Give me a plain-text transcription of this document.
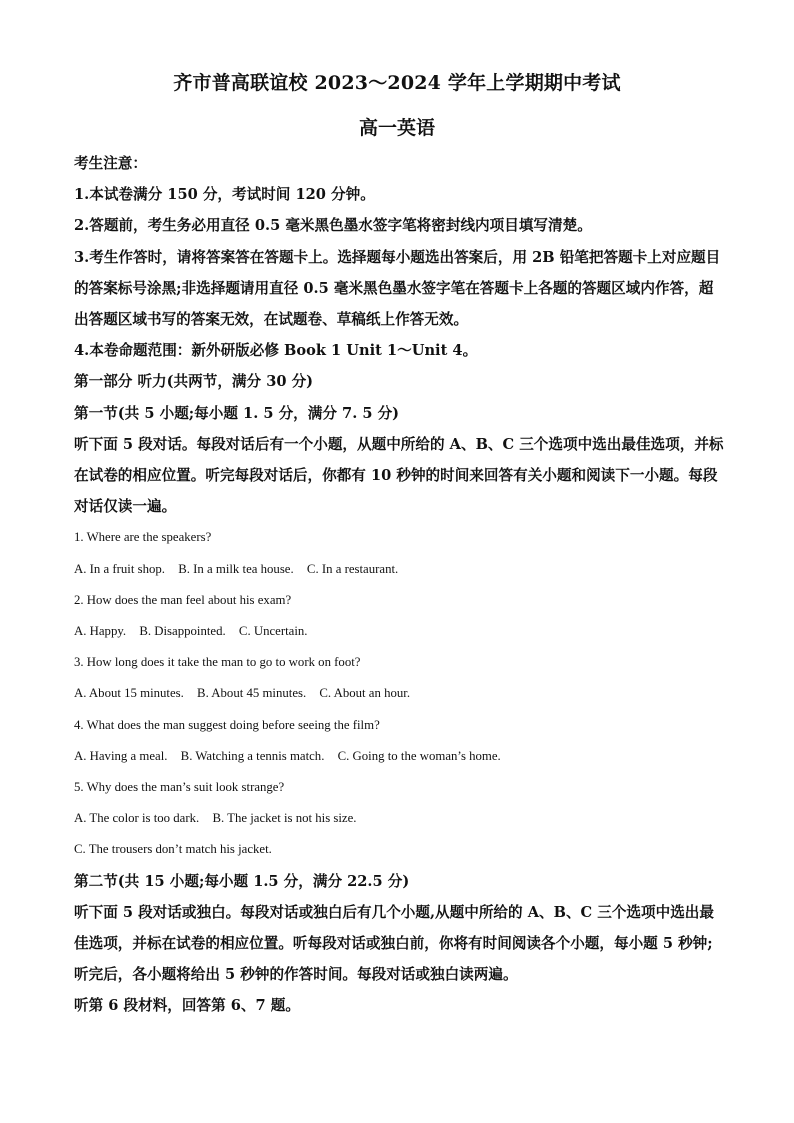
齐市普高联谊校 2023～2024 学年上学期期中考试
高一英语

考生注意：

1.本试卷满分 150 分，考试时间 120 分钟。

2.答题前，考生务必用直径 0.5 毫米黑色墨水签字笔将密封线内项目填写清楚。

3.考生作答时，请将答案答在答题卡上。选择题每小题选出答案后，用 2B 铅笔把答题卡上对应题目的答案标号涂黑;非选择题请用直径 0.5 毫米黑色墨水签字笔在答题卡上各题的答题区域内作答，超出答题区域书写的答案无效，在试题卷、草稿纸上作答无效。

4.本卷命题范围：新外研版必修 Book 1 Unit 1～Unit 4。

第一部分 听力(共两节，满分 30 分)

第一节(共 5 小题;每小题 1. 5 分，满分 7. 5 分)

听下面 5 段对话。每段对话后有一个小题，从题中所给的 A、B、C 三个选项中选出最佳选项，并标在试卷的相应位置。听完每段对话后，你都有 10 秒钟的时间来回答有关小题和阅读下一小题。每段对话仅读一遍。

1. Where are the speakers?

A. In a fruit shop. B. In a milk tea house. C. In a restaurant.

2. How does the man feel about his exam?

A. Happy. B. Disappointed. C. Uncertain.

3. How long does it take the man to go to work on foot?

A. About 15 minutes. B. About 45 minutes. C. About an hour.

4. What does the man suggest doing before seeing the film?

A. Having a meal. B. Watching a tennis match. C. Going to the woman’s home.

5. Why does the man’s suit look strange?

A. The color is too dark. B. The jacket is not his size.

C. The trousers don’t match his jacket.

第二节(共 15 小题;每小题 1.5 分，满分 22.5 分)

听下面 5 段对话或独白。每段对话或独白后有几个小题,从题中所给的 A、B、C 三个选项中选出最佳选项，并标在试卷的相应位置。听每段对话或独白前，你将有时间阅读各个小题，每小题 5 秒钟;听完后，各小题将给出 5 秒钟的作答时间。每段对话或独白读两遍。

听第 6 段材料，回答第 6、7 题。
